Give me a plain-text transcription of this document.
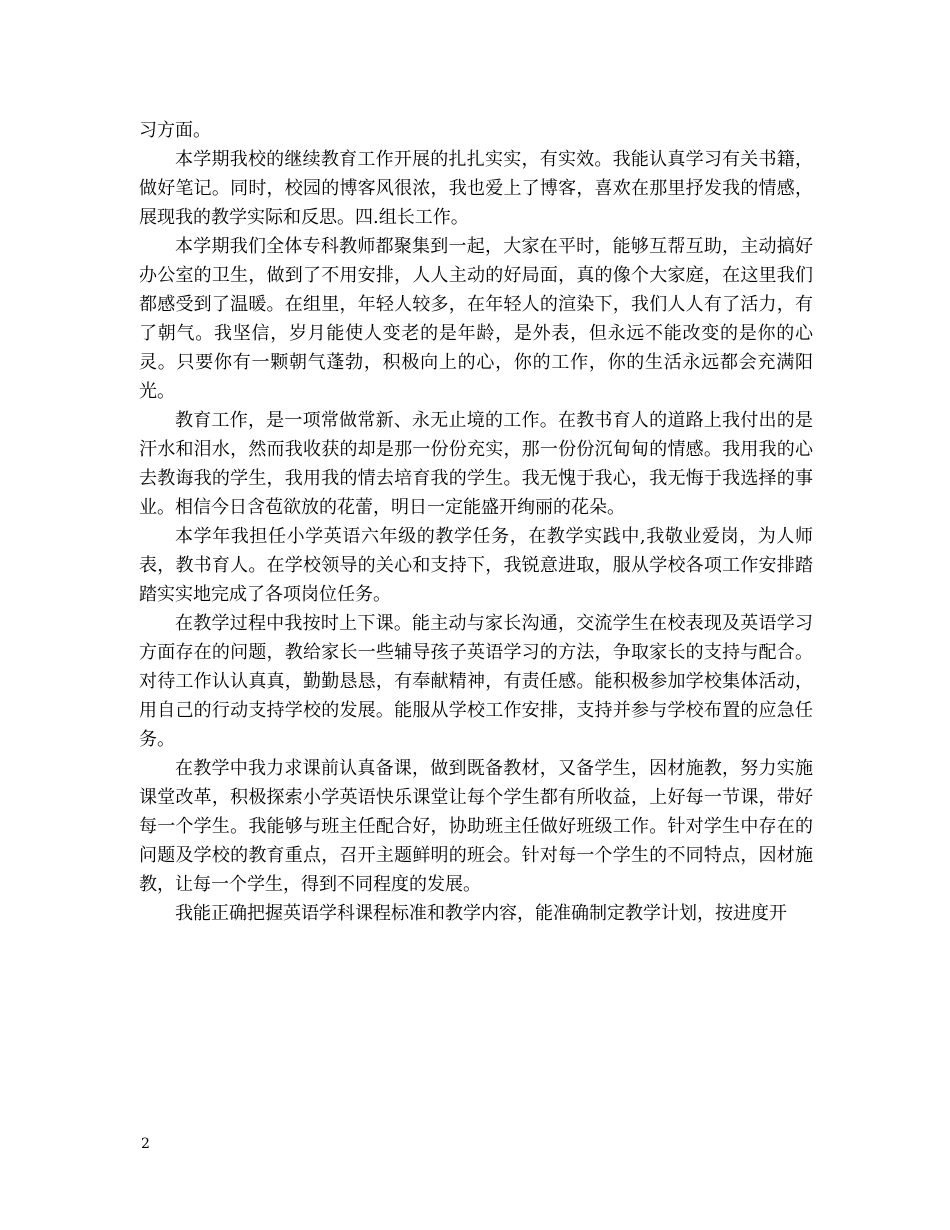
习方面。

本学期我校的继续教育工作开展的扎扎实实，有实效。我能认真学习有关书籍，做好笔记。同时，校园的博客风很浓，我也爱上了博客，喜欢在那里抒发我的情感，展现我的教学实际和反思。四.组长工作。

本学期我们全体专科教师都聚集到一起，大家在平时，能够互帮互助，主动搞好办公室的卫生，做到了不用安排，人人主动的好局面，真的像个大家庭，在这里我们都感受到了温暖。在组里，年轻人较多，在年轻人的渲染下，我们人人有了活力，有了朝气。我坚信，岁月能使人变老的是年龄，是外表，但永远不能改变的是你的心灵。只要你有一颗朝气蓬勃，积极向上的心，你的工作，你的生活永远都会充满阳光。

教育工作，是一项常做常新、永无止境的工作。在教书育人的道路上我付出的是汗水和泪水，然而我收获的却是那一份份充实，那一份份沉甸甸的情感。我用我的心去教诲我的学生，我用我的情去培育我的学生。我无愧于我心，我无悔于我选择的事业。相信今日含苞欲放的花蕾，明日一定能盛开绚丽的花朵。

本学年我担任小学英语六年级的教学任务，在教学实践中,我敬业爱岗，为人师表，教书育人。在学校领导的关心和支持下，我锐意进取，服从学校各项工作安排踏踏实实地完成了各项岗位任务。

在教学过程中我按时上下课。能主动与家长沟通，交流学生在校表现及英语学习方面存在的问题，教给家长一些辅导孩子英语学习的方法，争取家长的支持与配合。对待工作认认真真，勤勤恳恳，有奉献精神，有责任感。能积极参加学校集体活动，用自己的行动支持学校的发展。能服从学校工作安排，支持并参与学校布置的应急任务。

在教学中我力求课前认真备课，做到既备教材，又备学生，因材施教，努力实施课堂改革，积极探索小学英语快乐课堂让每个学生都有所收益，上好每一节课，带好每一个学生。我能够与班主任配合好，协助班主任做好班级工作。针对学生中存在的问题及学校的教育重点，召开主题鲜明的班会。针对每一个学生的不同特点，因材施教，让每一个学生，得到不同程度的发展。

我能正确把握英语学科课程标准和教学内容，能准确制定教学计划，按进度开

2
